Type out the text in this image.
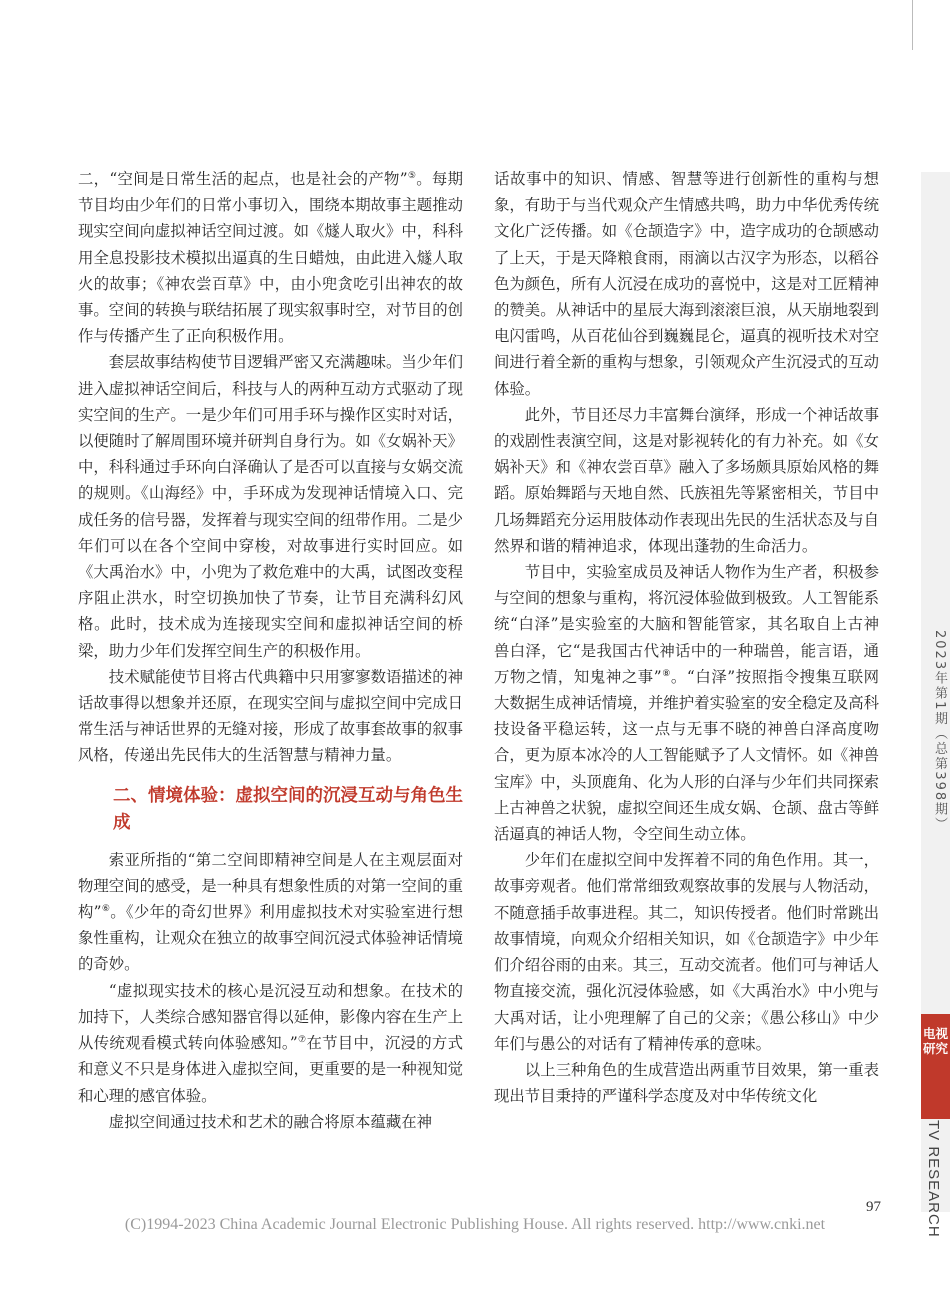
二，“空间是日常生活的起点，也是社会的产物”⑤。每期节目均由少年们的日常小事切入，围绕本期故事主题推动现实空间向虚拟神话空间过渡。如《燧人取火》中，科科用全息投影技术模拟出逼真的生日蜡烛，由此进入燧人取火的故事；《神农尝百草》中，由小兜贪吃引出神农的故事。空间的转换与联结拓展了现实叙事时空，对节目的创作与传播产生了正向积极作用。

套层故事结构使节目逻辑严密又充满趣味。当少年们进入虚拟神话空间后，科技与人的两种互动方式驱动了现实空间的生产。一是少年们可用手环与操作区实时对话，以便随时了解周围环境并研判自身行为。如《女娲补天》中，科科通过手环向白泽确认了是否可以直接与女娲交流的规则。《山海经》中，手环成为发现神话情境入口、完成任务的信号器，发挥着与现实空间的纽带作用。二是少年们可以在各个空间中穿梭，对故事进行实时回应。如《大禹治水》中，小兜为了救危难中的大禹，试图改变程序阻止洪水，时空切换加快了节奏，让节目充满科幻风格。此时，技术成为连接现实空间和虚拟神话空间的桥梁，助力少年们发挥空间生产的积极作用。

技术赋能使节目将古代典籍中只用寥寥数语描述的神话故事得以想象并还原，在现实空间与虚拟空间中完成日常生活与神话世界的无缝对接，形成了故事套故事的叙事风格，传递出先民伟大的生活智慧与精神力量。

二、情境体验：虚拟空间的沉浸互动与角色生成

索亚所指的“第二空间即精神空间是人在主观层面对物理空间的感受，是一种具有想象性质的对第一空间的重构”⑥。《少年的奇幻世界》利用虚拟技术对实验室进行想象性重构，让观众在独立的故事空间沉浸式体验神话情境的奇妙。

“虚拟现实技术的核心是沉浸互动和想象。在技术的加持下，人类综合感知器官得以延伸，影像内容在生产上从传统观看模式转向体验感知。”⑦在节目中，沉浸的方式和意义不只是身体进入虚拟空间，更重要的是一种视知觉和心理的感官体验。

虚拟空间通过技术和艺术的融合将原本蕴藏在神

话故事中的知识、情感、智慧等进行创新性的重构与想象，有助于与当代观众产生情感共鸣，助力中华优秀传统文化广泛传播。如《仓颉造字》中，造字成功的仓颉感动了上天，于是天降粮食雨，雨滴以古汉字为形态，以稻谷色为颜色，所有人沉浸在成功的喜悦中，这是对工匠精神的赞美。从神话中的星辰大海到滚滚巨浪，从天崩地裂到电闪雷鸣，从百花仙谷到巍巍昆仑，逼真的视听技术对空间进行着全新的重构与想象，引领观众产生沉浸式的互动体验。

此外，节目还尽力丰富舞台演绎，形成一个神话故事的戏剧性表演空间，这是对影视转化的有力补充。如《女娲补天》和《神农尝百草》融入了多场颇具原始风格的舞蹈。原始舞蹈与天地自然、氏族祖先等紧密相关，节目中几场舞蹈充分运用肢体动作表现出先民的生活状态及与自然界和谐的精神追求，体现出蓬勃的生命活力。

节目中，实验室成员及神话人物作为生产者，积极参与空间的想象与重构，将沉浸体验做到极致。人工智能系统“白泽”是实验室的大脑和智能管家，其名取自上古神兽白泽，它“是我国古代神话中的一种瑞兽，能言语，通万物之情，知鬼神之事”⑧。“白泽”按照指令搜集互联网大数据生成神话情境，并维护着实验室的安全稳定及高科技设备平稳运转，这一点与无事不晓的神兽白泽高度吻合，更为原本冰冷的人工智能赋予了人文情怀。如《神兽宝库》中，头顶鹿角、化为人形的白泽与少年们共同探索上古神兽之状貌，虚拟空间还生成女娲、仓颉、盘古等鲜活逼真的神话人物，令空间生动立体。

少年们在虚拟空间中发挥着不同的角色作用。其一，故事旁观者。他们常常细致观察故事的发展与人物活动，不随意插手故事进程。其二，知识传授者。他们时常跳出故事情境，向观众介绍相关知识，如《仓颉造字》中少年们介绍谷雨的由来。其三，互动交流者。他们可与神话人物直接交流，强化沉浸体验感，如《大禹治水》中小兜与大禹对话，让小兜理解了自己的父亲；《愚公移山》中少年们与愚公的对话有了精神传承的意味。

以上三种角色的生成营造出两重节目效果，第一重表现出节目秉持的严谨科学态度及对中华传统文化

2023年第1期（总第398期）
电视研究
TV RESEARCH
97
(C)1994-2023 China Academic Journal Electronic Publishing House. All rights reserved. http://www.cnki.net
